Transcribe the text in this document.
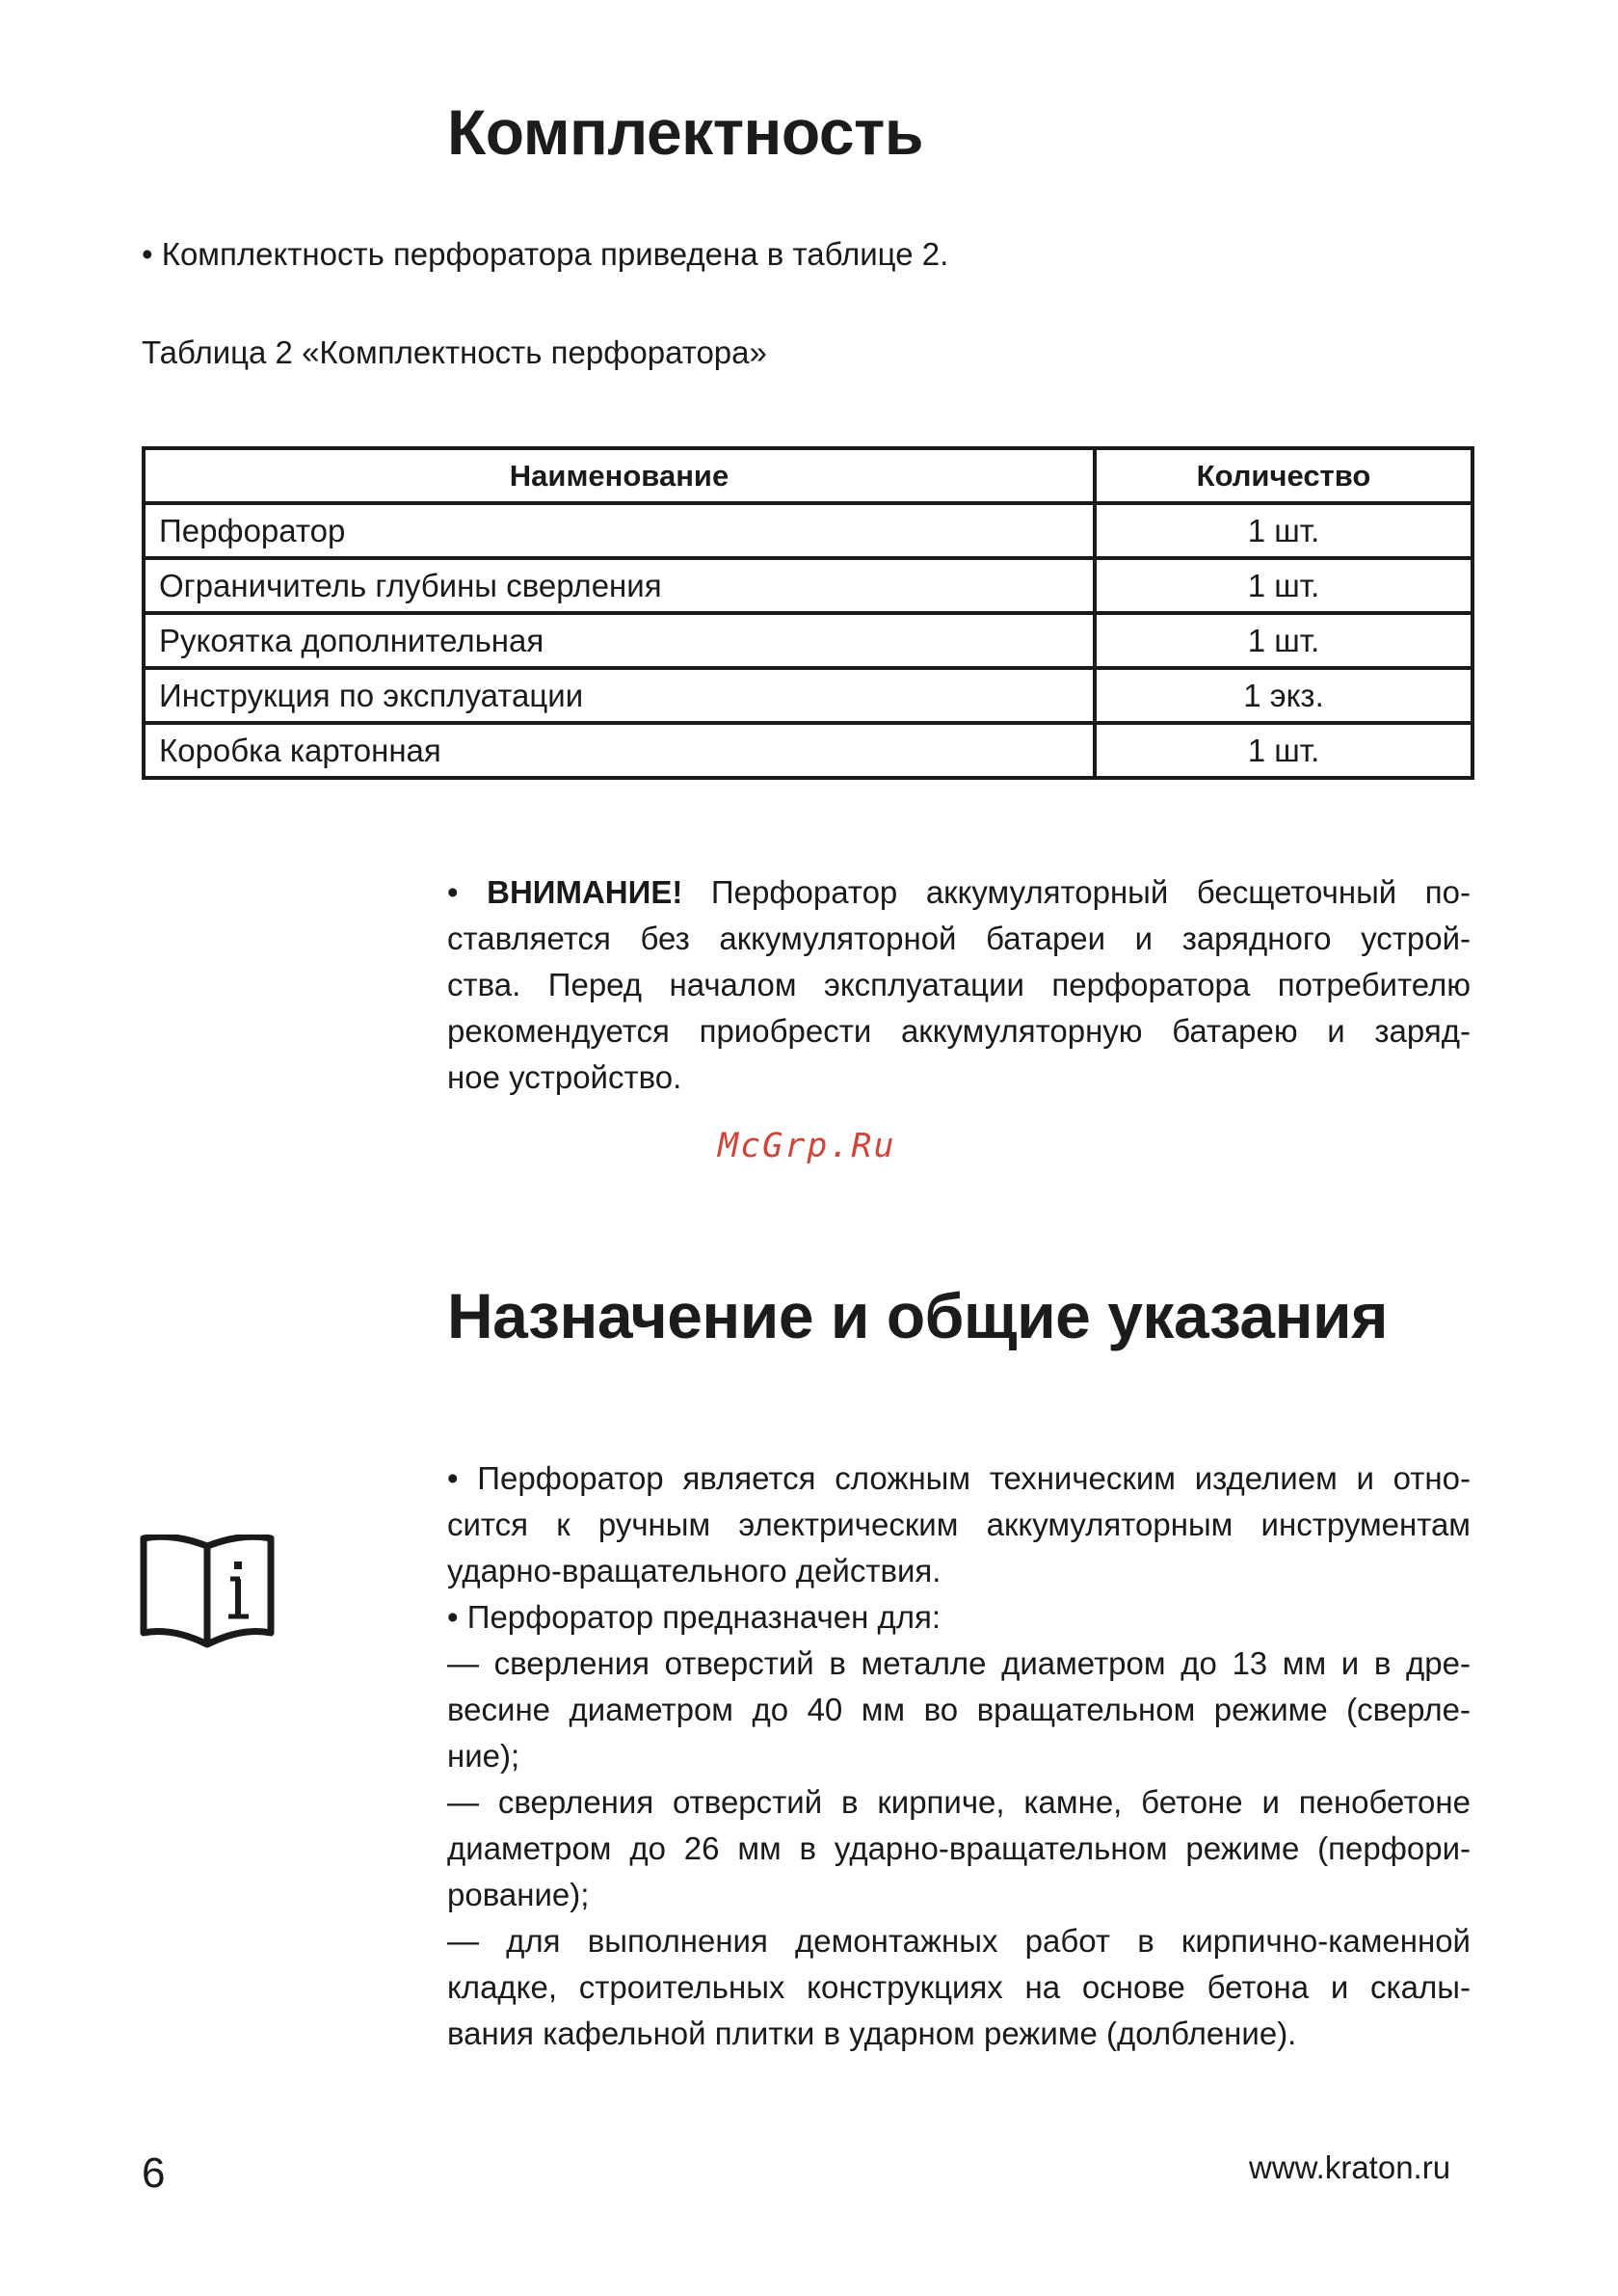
Комплектность
• Комплектность перфоратора приведена в таблице 2.
Таблица 2 «Комплектность перфоратора»
Наименование	Количество
Перфоратор	1 шт.
Ограничитель глубины сверления	1 шт.
Рукоятка дополнительная	1 шт.
Инструкция по эксплуатации	1 экз.
Коробка картонная	1 шт.
• ВНИМАНИЕ! Перфоратор аккумуляторный бесщеточный по-
ставляется без аккумуляторной батареи и зарядного устрой-
ства. Перед началом эксплуатации перфоратора потребителю
рекомендуется приобрести аккумуляторную батарею и заряд-
ное устройство.
McGrp.Ru
Назначение и общие указания
• Перфоратор является сложным техническим изделием и отно-
сится к ручным электрическим аккумуляторным инструментам
ударно-вращательного действия.
• Перфоратор предназначен для:
— сверления отверстий в металле диаметром до 13 мм и в дре-
весине диаметром до 40 мм во вращательном режиме (сверле-
ние);
— сверления отверстий в кирпиче, камне, бетоне и пенобетоне
диаметром до 26 мм в ударно-вращательном режиме (перфори-
рование);
— для выполнения демонтажных работ в кирпично-каменной
кладке, строительных конструкциях на основе бетона и скалы-
вания кафельной плитки в ударном режиме (долбление).
6	www.kraton.ru
